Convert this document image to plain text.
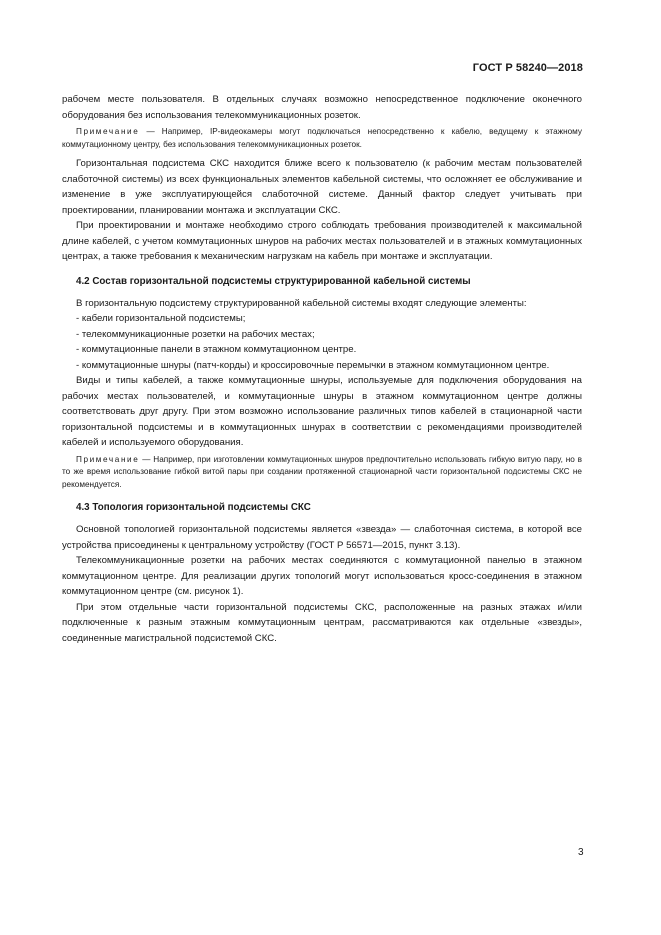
ГОСТ Р 58240—2018

рабочем месте пользователя. В отдельных случаях возможно непосредственное подключение оконечного оборудования без использования телекоммуникационных розеток.

Примечание — Например, IP-видеокамеры могут подключаться непосредственно к кабелю, ведущему к этажному коммутационному центру, без использования телекоммуникационных розеток.

Горизонтальная подсистема СКС находится ближе всего к пользователю (к рабочим местам пользователей слаботочной системы) из всех функциональных элементов кабельной системы, что осложняет ее обслуживание и изменение в уже эксплуатирующейся слаботочной системе. Данный фактор следует учитывать при проектировании, планировании монтажа и эксплуатации СКС.

При проектировании и монтаже необходимо строго соблюдать требования производителей к максимальной длине кабелей, с учетом коммутационных шнуров на рабочих местах пользователей и в этажных коммутационных центрах, а также требования к механическим нагрузкам на кабель при монтаже и эксплуатации.

4.2 Состав горизонтальной подсистемы структурированной кабельной системы

В горизонтальную подсистему структурированной кабельной системы входят следующие элементы:

- кабели горизонтальной подсистемы;
- телекоммуникационные розетки на рабочих местах;
- коммутационные панели в этажном коммутационном центре.
- коммутационные шнуры (патч-корды) и кроссировочные перемычки в этажном коммутационном центре.

Виды и типы кабелей, а также коммутационные шнуры, используемые для подключения оборудования на рабочих местах пользователей, и коммутационные шнуры в этажном коммутационном центре должны соответствовать друг другу. При этом возможно использование различных типов кабелей в стационарной части горизонтальной подсистемы и в коммутационных шнурах в соответствии с рекомендациями производителей кабелей и используемого оборудования.

Примечание — Например, при изготовлении коммутационных шнуров предпочтительно использовать гибкую витую пару, но в то же время использование гибкой витой пары при создании протяженной стационарной части горизонтальной подсистемы СКС не рекомендуется.

4.3 Топология горизонтальной подсистемы СКС

Основной топологией горизонтальной подсистемы является «звезда» — слаботочная система, в которой все устройства присоединены к центральному устройству (ГОСТ Р 56571—2015, пункт 3.13).

Телекоммуникационные розетки на рабочих местах соединяются с коммутационной панелью в этажном коммутационном центре. Для реализации других топологий могут использоваться кросс-соединения в этажном коммутационном центре (см. рисунок 1).

При этом отдельные части горизонтальной подсистемы СКС, расположенные на разных этажах и/или подключенные к разным этажным коммутационным центрам, рассматриваются как отдельные «звезды», соединенные магистральной подсистемой СКС.

3
